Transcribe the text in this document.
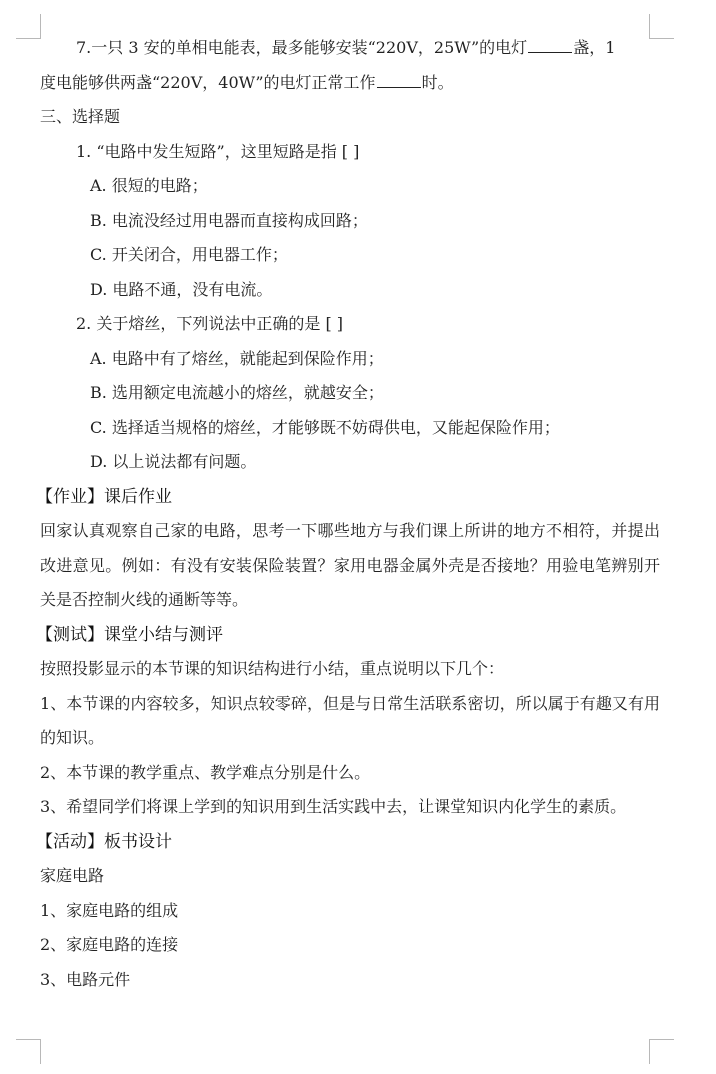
7.一只 3 安的单相电能表，最多能够安装“220V，25W”的电灯	盏，1
度电能够供两盏“220V，40W”的电灯正常工作	时。
三、选择题
1. “电路中发生短路”，这里短路是指 [ ]
A. 很短的电路；
B. 电流没经过用电器而直接构成回路；
C. 开关闭合，用电器工作；
D. 电路不通，没有电流。
2. 关于熔丝，下列说法中正确的是 [ ]
A. 电路中有了熔丝，就能起到保险作用；
B. 选用额定电流越小的熔丝，就越安全；
C. 选择适当规格的熔丝，才能够既不妨碍供电，又能起保险作用；
D. 以上说法都有问题。
【作业】课后作业
回家认真观察自己家的电路，思考一下哪些地方与我们课上所讲的地方不相符，并提出改进意见。例如：有没有安装保险装置？家用电器金属外壳是否接地？用验电笔辨别开关是否控制火线的通断等等。
【测试】课堂小结与测评
按照投影显示的本节课的知识结构进行小结，重点说明以下几个：
1、本节课的内容较多，知识点较零碎，但是与日常生活联系密切，所以属于有趣又有用的知识。
2、本节课的教学重点、教学难点分别是什么。
3、希望同学们将课上学到的知识用到生活实践中去，让课堂知识内化学生的素质。
【活动】板书设计
家庭电路
1、家庭电路的组成
2、家庭电路的连接
3、电路元件
